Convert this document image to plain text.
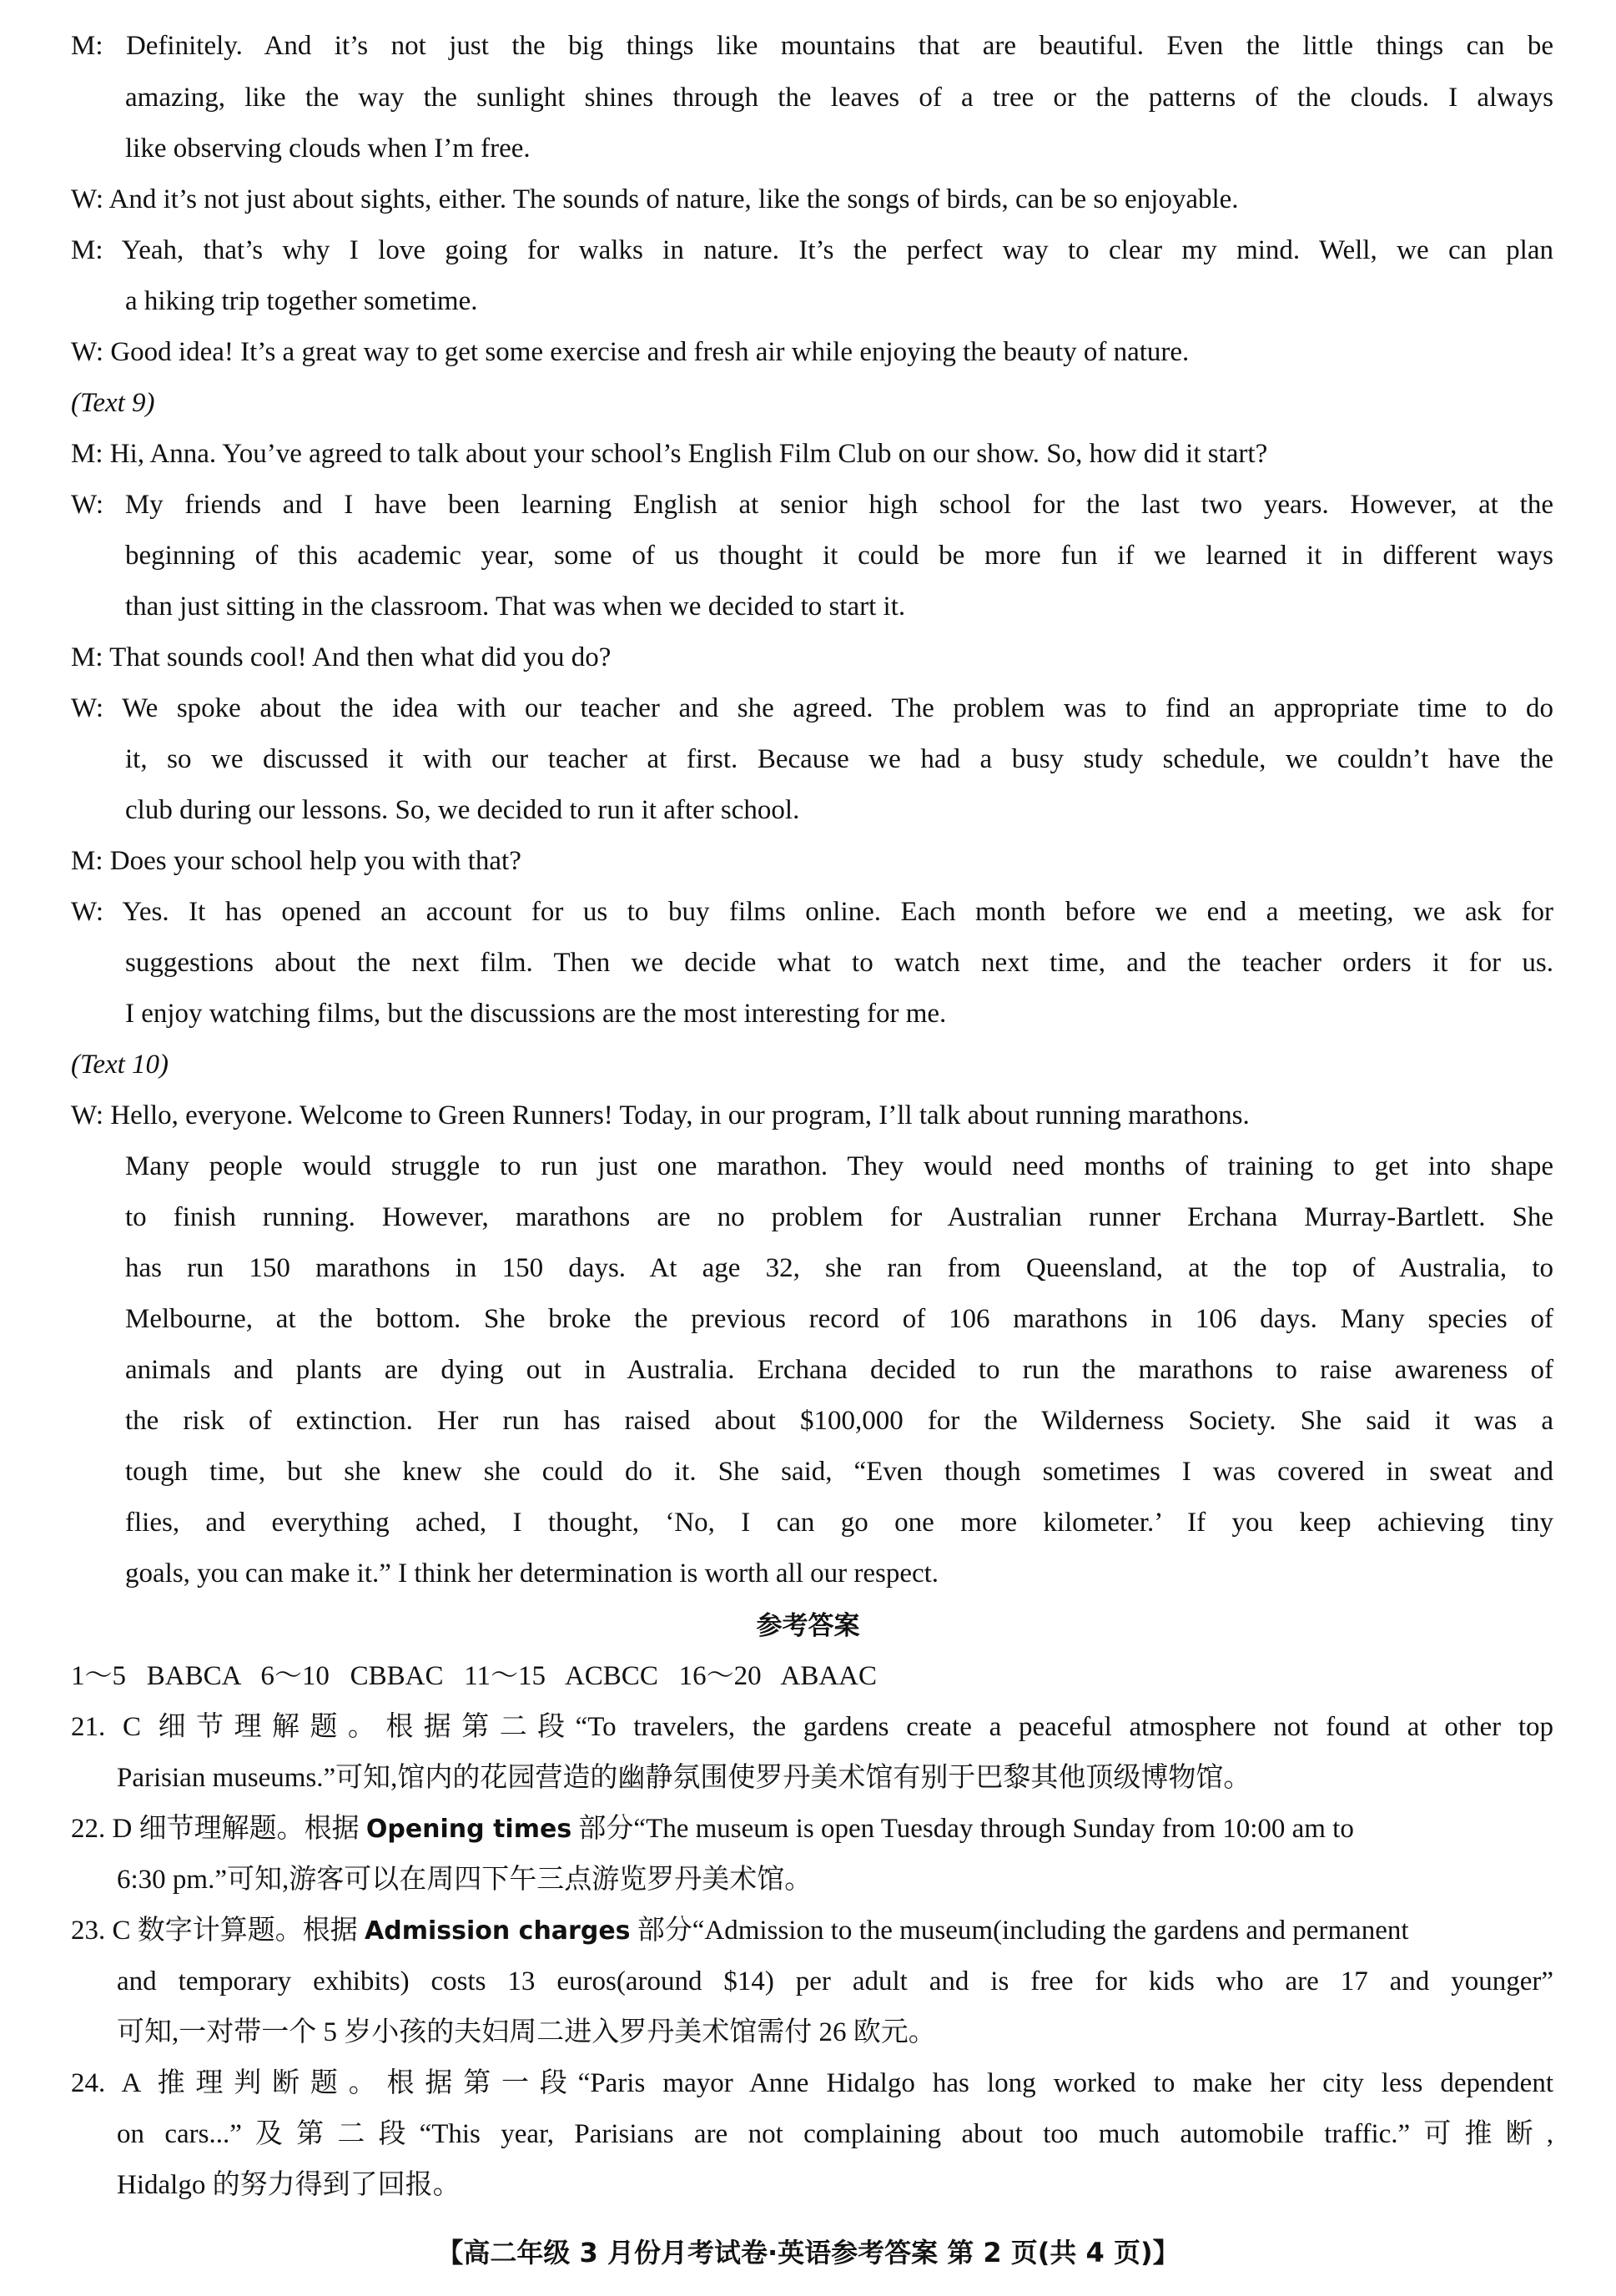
M: Definitely. And it’s not just the big things like mountains that are beautiful. Even the little things can be
amazing, like the way the sunlight shines through the leaves of a tree or the patterns of the clouds. I always
like observing clouds when I’m free.
W: And it’s not just about sights, either. The sounds of nature, like the songs of birds, can be so enjoyable.
M: Yeah, that’s why I love going for walks in nature. It’s the perfect way to clear my mind. Well, we can plan
a hiking trip together sometime.
W: Good idea! It’s a great way to get some exercise and fresh air while enjoying the beauty of nature.
(Text 9)
M: Hi, Anna. You’ve agreed to talk about your school’s English Film Club on our show. So, how did it start?
W: My friends and I have been learning English at senior high school for the last two years. However, at the
beginning of this academic year, some of us thought it could be more fun if we learned it in different ways
than just sitting in the classroom. That was when we decided to start it.
M: That sounds cool! And then what did you do?
W: We spoke about the idea with our teacher and she agreed. The problem was to find an appropriate time to do
it, so we discussed it with our teacher at first. Because we had a busy study schedule, we couldn’t have the
club during our lessons. So, we decided to run it after school.
M: Does your school help you with that?
W: Yes. It has opened an account for us to buy films online. Each month before we end a meeting, we ask for
suggestions about the next film. Then we decide what to watch next time, and the teacher orders it for us.
I enjoy watching films, but the discussions are the most interesting for me.
(Text 10)
W: Hello, everyone. Welcome to Green Runners! Today, in our program, I’ll talk about running marathons.
Many people would struggle to run just one marathon. They would need months of training to get into shape
to finish running. However, marathons are no problem for Australian runner Erchana Murray-Bartlett. She
has run 150 marathons in 150 days. At age 32, she ran from Queensland, at the top of Australia, to
Melbourne, at the bottom. She broke the previous record of 106 marathons in 106 days. Many species of
animals and plants are dying out in Australia. Erchana decided to run the marathons to raise awareness of
the risk of extinction. Her run has raised about $100,000 for the Wilderness Society. She said it was a
tough time, but she knew she could do it. She said, “Even though sometimes I was covered in sweat and
flies, and everything ached, I thought, ‘No, I can go one more kilometer.’ If you keep achieving tiny
goals, you can make it.” I think her determination is worth all our respect.
参考答案
1～5   BABCA   6～10   CBBAC   11～15   ACBCC   16～20   ABAAC
21. C 细节理解题。根据第二段“To travelers, the gardens create a peaceful atmosphere not found at other top
Parisian museums.”可知,馆内的花园营造的幽静氛围使罗丹美术馆有别于巴黎其他顶级博物馆。
22. D 细节理解题。根据 Opening times 部分“The museum is open Tuesday through Sunday from 10:00 am to
6:30 pm.”可知,游客可以在周四下午三点游览罗丹美术馆。
23. C 数字计算题。根据 Admission charges 部分“Admission to the museum(including the gardens and permanent
and temporary exhibits) costs 13 euros(around $14) per adult and is free for kids who are 17 and younger”
可知,一对带一个 5 岁小孩的夫妇周二进入罗丹美术馆需付 26 欧元。
24. A 推理判断题。根据第一段“Paris mayor Anne Hidalgo has long worked to make her city less dependent
on cars...”及第二段“This year, Parisians are not complaining about too much automobile traffic.”可推断,
Hidalgo 的努力得到了回报。
【高二年级 3 月份月考试卷·英语参考答案 第 2 页(共 4 页)】
